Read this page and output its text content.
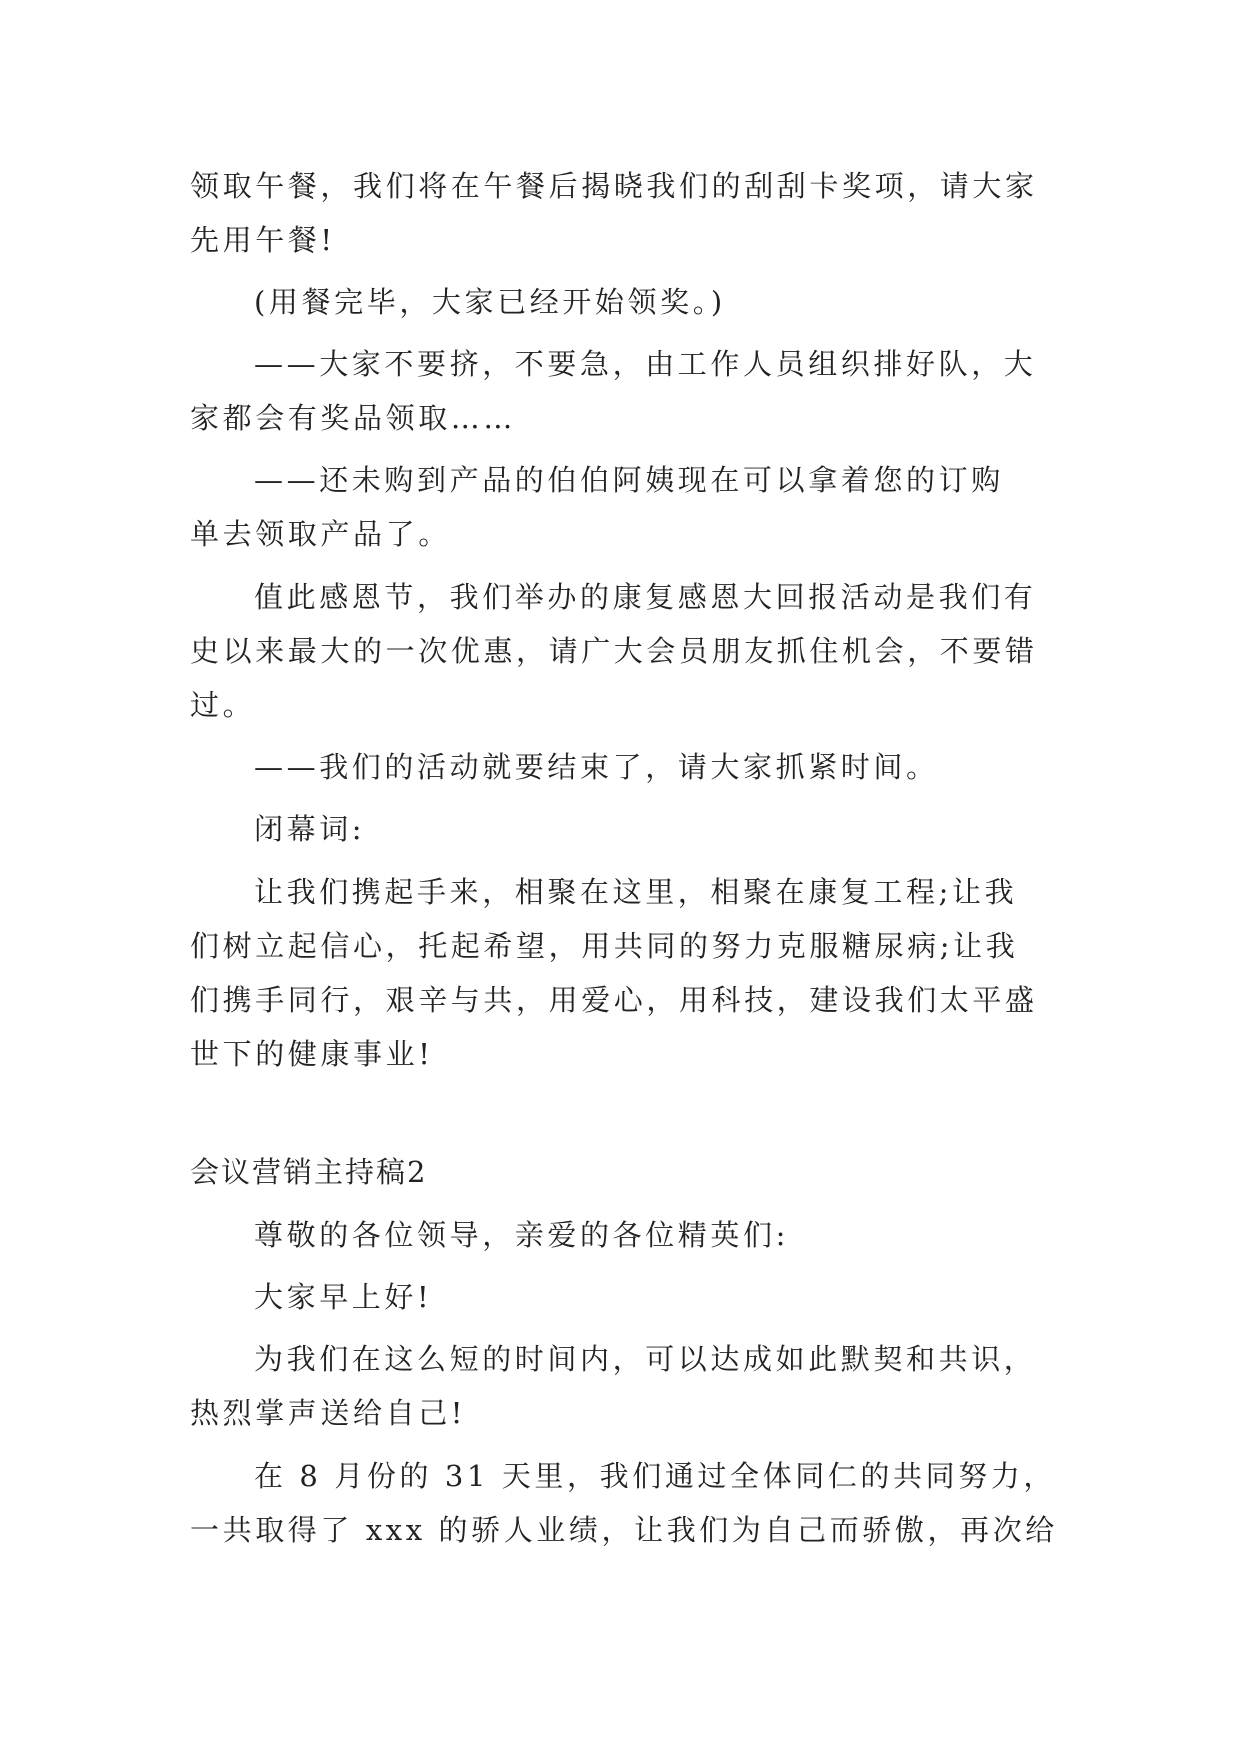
领取午餐，我们将在午餐后揭晓我们的刮刮卡奖项，请大家
先用午餐!
(用餐完毕，大家已经开始领奖。)
——大家不要挤，不要急，由工作人员组织排好队，大
家都会有奖品领取……
——还未购到产品的伯伯阿姨现在可以拿着您的订购
单去领取产品了。
值此感恩节，我们举办的康复感恩大回报活动是我们有
史以来最大的一次优惠，请广大会员朋友抓住机会，不要错
过。
——我们的活动就要结束了，请大家抓紧时间。
闭幕词:
让我们携起手来，相聚在这里，相聚在康复工程;让我
们树立起信心，托起希望，用共同的努力克服糖尿病;让我
们携手同行，艰辛与共，用爱心，用科技，建设我们太平盛
世下的健康事业!
会议营销主持稿2
尊敬的各位领导，亲爱的各位精英们:
大家早上好!
为我们在这么短的时间内，可以达成如此默契和共识，
热烈掌声送给自己!
在 8 月份的 31 天里，我们通过全体同仁的共同努力，
一共取得了 xxx 的骄人业绩，让我们为自己而骄傲，再次给
